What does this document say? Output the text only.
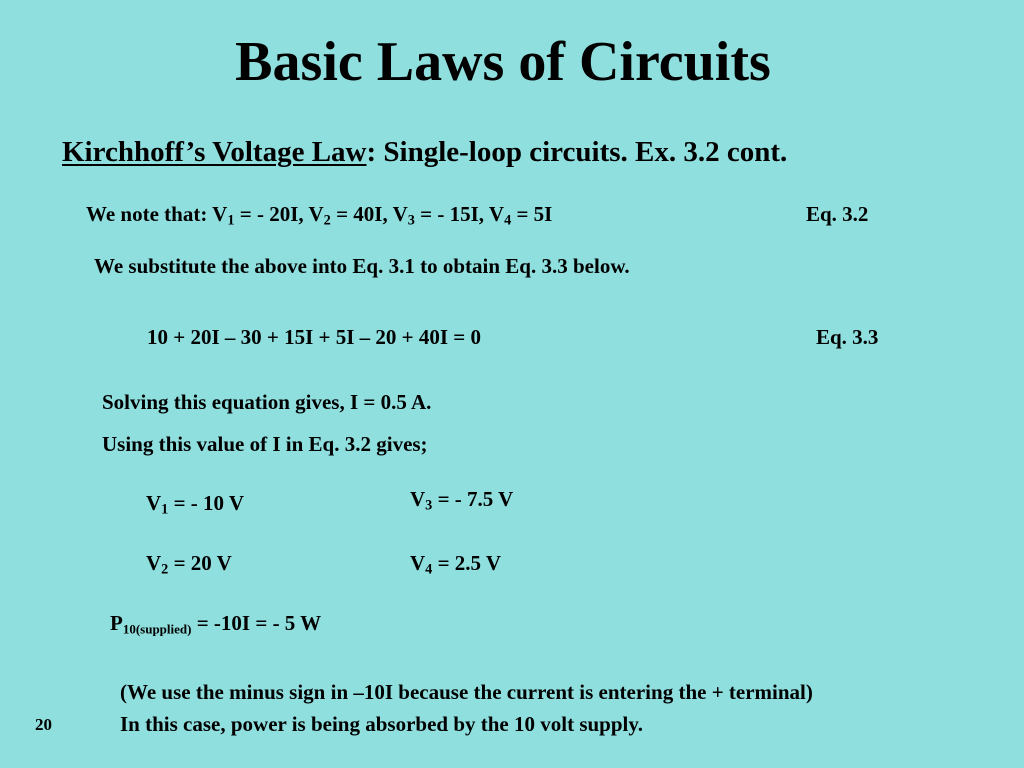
Basic Laws of Circuits
Kirchhoff’s Voltage Law: Single-loop circuits. Ex. 3.2 cont.
We note that: $V_1$ = - 20I, $V_2 = 40I$, $V_3$ = - 15I, $V_4 = 5I$	Eq. 3.2
We substitute the above into Eq. 3.1 to obtain Eq. 3.3 below.
10 + 20I – 30 + 15I + 5I – 20 + 40I = 0	Eq. 3.3
Solving this equation gives, I = 0.5 A.
Using this value of I in Eq. 3.2 gives;
$V_1$ = - 10 V	$V_3$ = - 7.5 V
$V_2 = 20$ V	$V_4 = 2.5$ V
$P_{10(supplied)} = -10I$ = - 5 W
(We use the minus sign in –10I because the current is entering the + terminal)
In this case, power is being absorbed by the 10 volt supply.
20
